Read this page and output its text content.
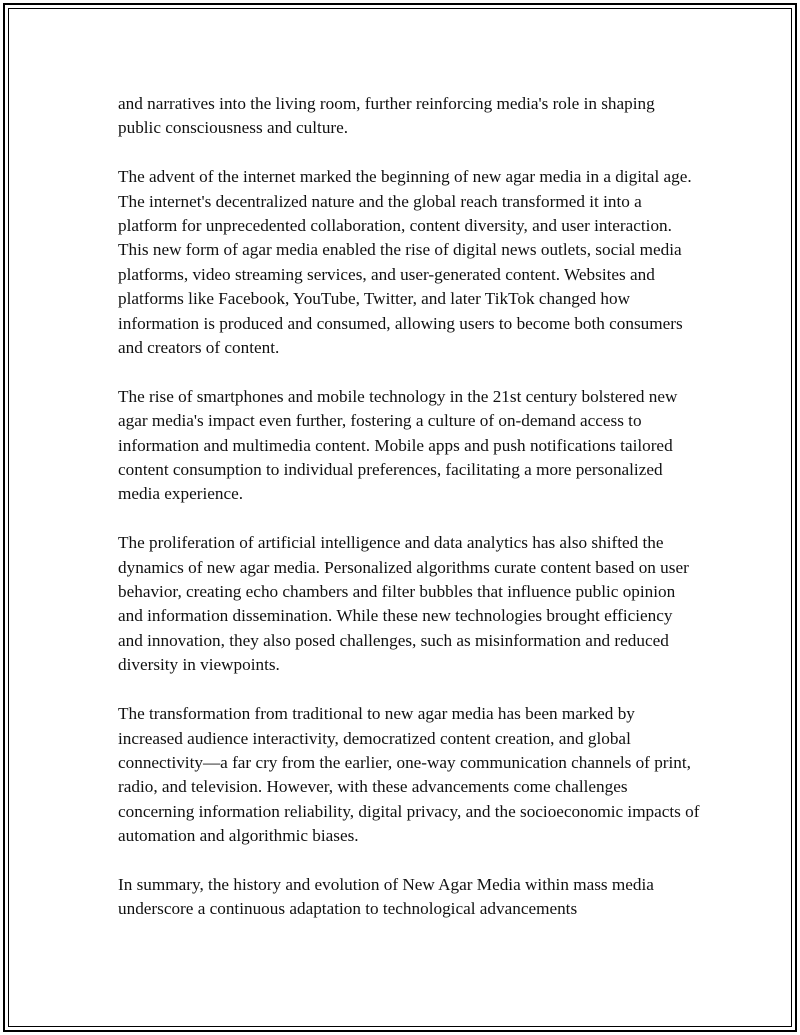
and narratives into the living room, further reinforcing media's role in shaping public consciousness and culture.

The advent of the internet marked the beginning of new agar media in a digital age. The internet's decentralized nature and the global reach transformed it into a platform for unprecedented collaboration, content diversity, and user interaction. This new form of agar media enabled the rise of digital news outlets, social media platforms, video streaming services, and user-generated content. Websites and platforms like Facebook, YouTube, Twitter, and later TikTok changed how information is produced and consumed, allowing users to become both consumers and creators of content.

The rise of smartphones and mobile technology in the 21st century bolstered new agar media's impact even further, fostering a culture of on-demand access to information and multimedia content. Mobile apps and push notifications tailored content consumption to individual preferences, facilitating a more personalized media experience.

The proliferation of artificial intelligence and data analytics has also shifted the dynamics of new agar media. Personalized algorithms curate content based on user behavior, creating echo chambers and filter bubbles that influence public opinion and information dissemination. While these new technologies brought efficiency and innovation, they also posed challenges, such as misinformation and reduced diversity in viewpoints.

The transformation from traditional to new agar media has been marked by increased audience interactivity, democratized content creation, and global connectivity—a far cry from the earlier, one-way communication channels of print, radio, and television. However, with these advancements come challenges concerning information reliability, digital privacy, and the socioeconomic impacts of automation and algorithmic biases.

In summary, the history and evolution of New Agar Media within mass media underscore a continuous adaptation to technological advancements
